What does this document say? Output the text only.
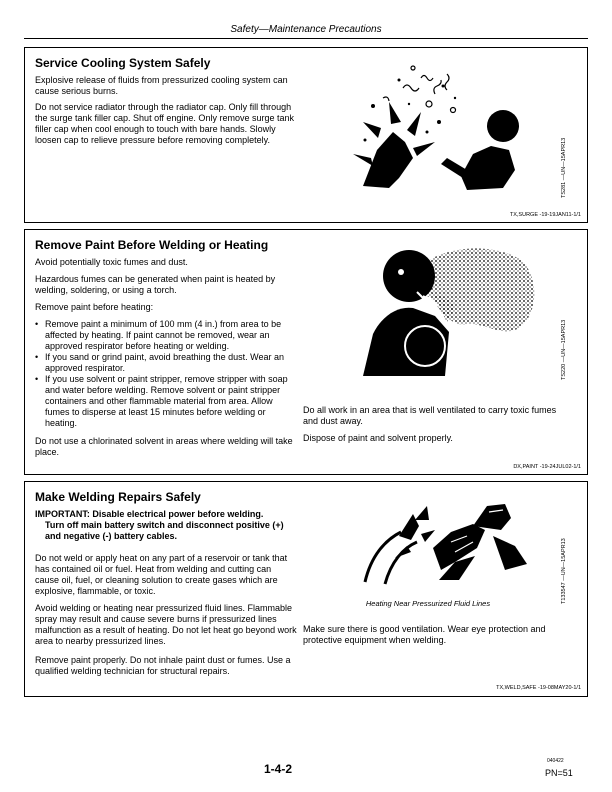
Safety—Maintenance Precautions
Service Cooling System Safely

Explosive release of fluids from pressurized cooling system can cause serious burns.

Do not service radiator through the radiator cap. Only fill through the surge tank filler cap. Shut off engine. Only remove surge tank filler cap when cool enough to touch with bare hands. Slowly loosen cap to relieve pressure before removing completely.	TS281 —UN—15APR13
TX,SURGE -19-19JAN11-1/1
Remove Paint Before Welding or Heating

Avoid potentially toxic fumes and dust.

Hazardous fumes can be generated when paint is heated by welding, soldering, or using a torch.

Remove paint before heating:

• Remove paint a minimum of 100 mm (4 in.) from area to be affected by heating. If paint cannot be removed, wear an approved respirator before heating or welding.
• If you sand or grind paint, avoid breathing the dust. Wear an approved respirator.
• If you use solvent or paint stripper, remove stripper with soap and water before welding. Remove solvent or paint stripper containers and other flammable material from area. Allow fumes to disperse at least 15 minutes before welding or heating.

Do not use a chlorinated solvent in areas where welding will take place.

TS220 —UN—15APR13

Do all work in an area that is well ventilated to carry toxic fumes and dust away.

Dispose of paint and solvent properly.

DX,PAINT -19-24JUL02-1/1
Make Welding Repairs Safely

IMPORTANT: Disable electrical power before welding.
Turn off main battery switch and disconnect positive (+) and negative (-) battery cables.

Do not weld or apply heat on any part of a reservoir or tank that has contained oil or fuel. Heat from welding and cutting can cause oil, fuel, or cleaning solution to create gases which are explosive, flammable, or toxic.

Avoid welding or heating near pressurized fluid lines. Flammable spray may result and cause severe burns if pressurized lines malfunction as a result of heating. Do not let heat go beyond work area to nearby pressurized lines.

Remove paint properly. Do not inhale paint dust or fumes. Use a qualified welding technician for structural repairs.

T133547 —UN—15APR13
Heating Near Pressurized Fluid Lines

Make sure there is good ventilation. Wear eye protection and protective equipment when welding.

TX,WELD,SAFE -19-08MAY20-1/1
1-4-2
040422
PN=51
